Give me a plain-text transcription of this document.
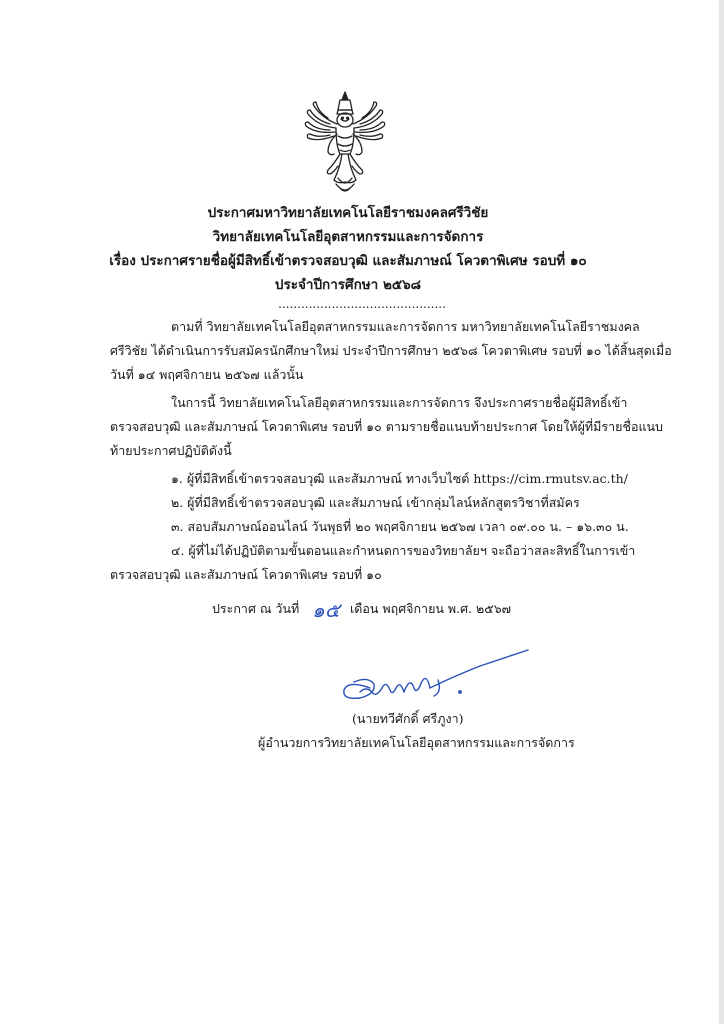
ประกาศมหาวิทยาลัยเทคโนโลยีราชมงคลศรีวิชัย
วิทยาลัยเทคโนโลยีอุตสาหกรรมและการจัดการ
เรื่อง ประกาศรายชื่อผู้มีสิทธิ์เข้าตรวจสอบวุฒิ และสัมภาษณ์ โควตาพิเศษ รอบที่ ๑๐
ประจำปีการศึกษา ๒๕๖๘
............................................
ตามที่ วิทยาลัยเทคโนโลยีอุตสาหกรรมและการจัดการ มหาวิทยาลัยเทคโนโลยีราชมงคล
ศรีวิชัย ได้ดำเนินการรับสมัครนักศึกษาใหม่ ประจำปีการศึกษา ๒๕๖๘ โควตาพิเศษ รอบที่ ๑๐ ได้สิ้นสุดเมื่อ
วันที่ ๑๔ พฤศจิกายน ๒๕๖๗ แล้วนั้น
ในการนี้ วิทยาลัยเทคโนโลยีอุตสาหกรรมและการจัดการ จึงประกาศรายชื่อผู้มีสิทธิ์เข้า
ตรวจสอบวุฒิ และสัมภาษณ์ โควตาพิเศษ รอบที่ ๑๐ ตามรายชื่อแนบท้ายประกาศ โดยให้ผู้ที่มีรายชื่อแนบ
ท้ายประกาศปฏิบัติดังนี้
๑. ผู้ที่มีสิทธิ์เข้าตรวจสอบวุฒิ และสัมภาษณ์ ทางเว็บไซต์ https://cim.rmutsv.ac.th/
๒. ผู้ที่มีสิทธิ์เข้าตรวจสอบวุฒิ และสัมภาษณ์ เข้ากลุ่มไลน์หลักสูตรวิชาที่สมัคร
๓. สอบสัมภาษณ์ออนไลน์ วันพุธที่ ๒๐ พฤศจิกายน ๒๕๖๗ เวลา ๐๙.๐๐ น. – ๑๖.๓๐ น.
๔. ผู้ที่ไม่ได้ปฏิบัติตามขั้นตอนและกำหนดการของวิทยาลัยฯ จะถือว่าสละสิทธิ์ในการเข้า
ตรวจสอบวุฒิ และสัมภาษณ์ โควตาพิเศษ รอบที่ ๑๐
ประกาศ ณ วันที่ ๑๕ เดือน พฤศจิกายน พ.ศ. ๒๕๖๗
(นายทวีศักดิ์ ศรีภูงา)
ผู้อำนวยการวิทยาลัยเทคโนโลยีอุตสาหกรรมและการจัดการ
